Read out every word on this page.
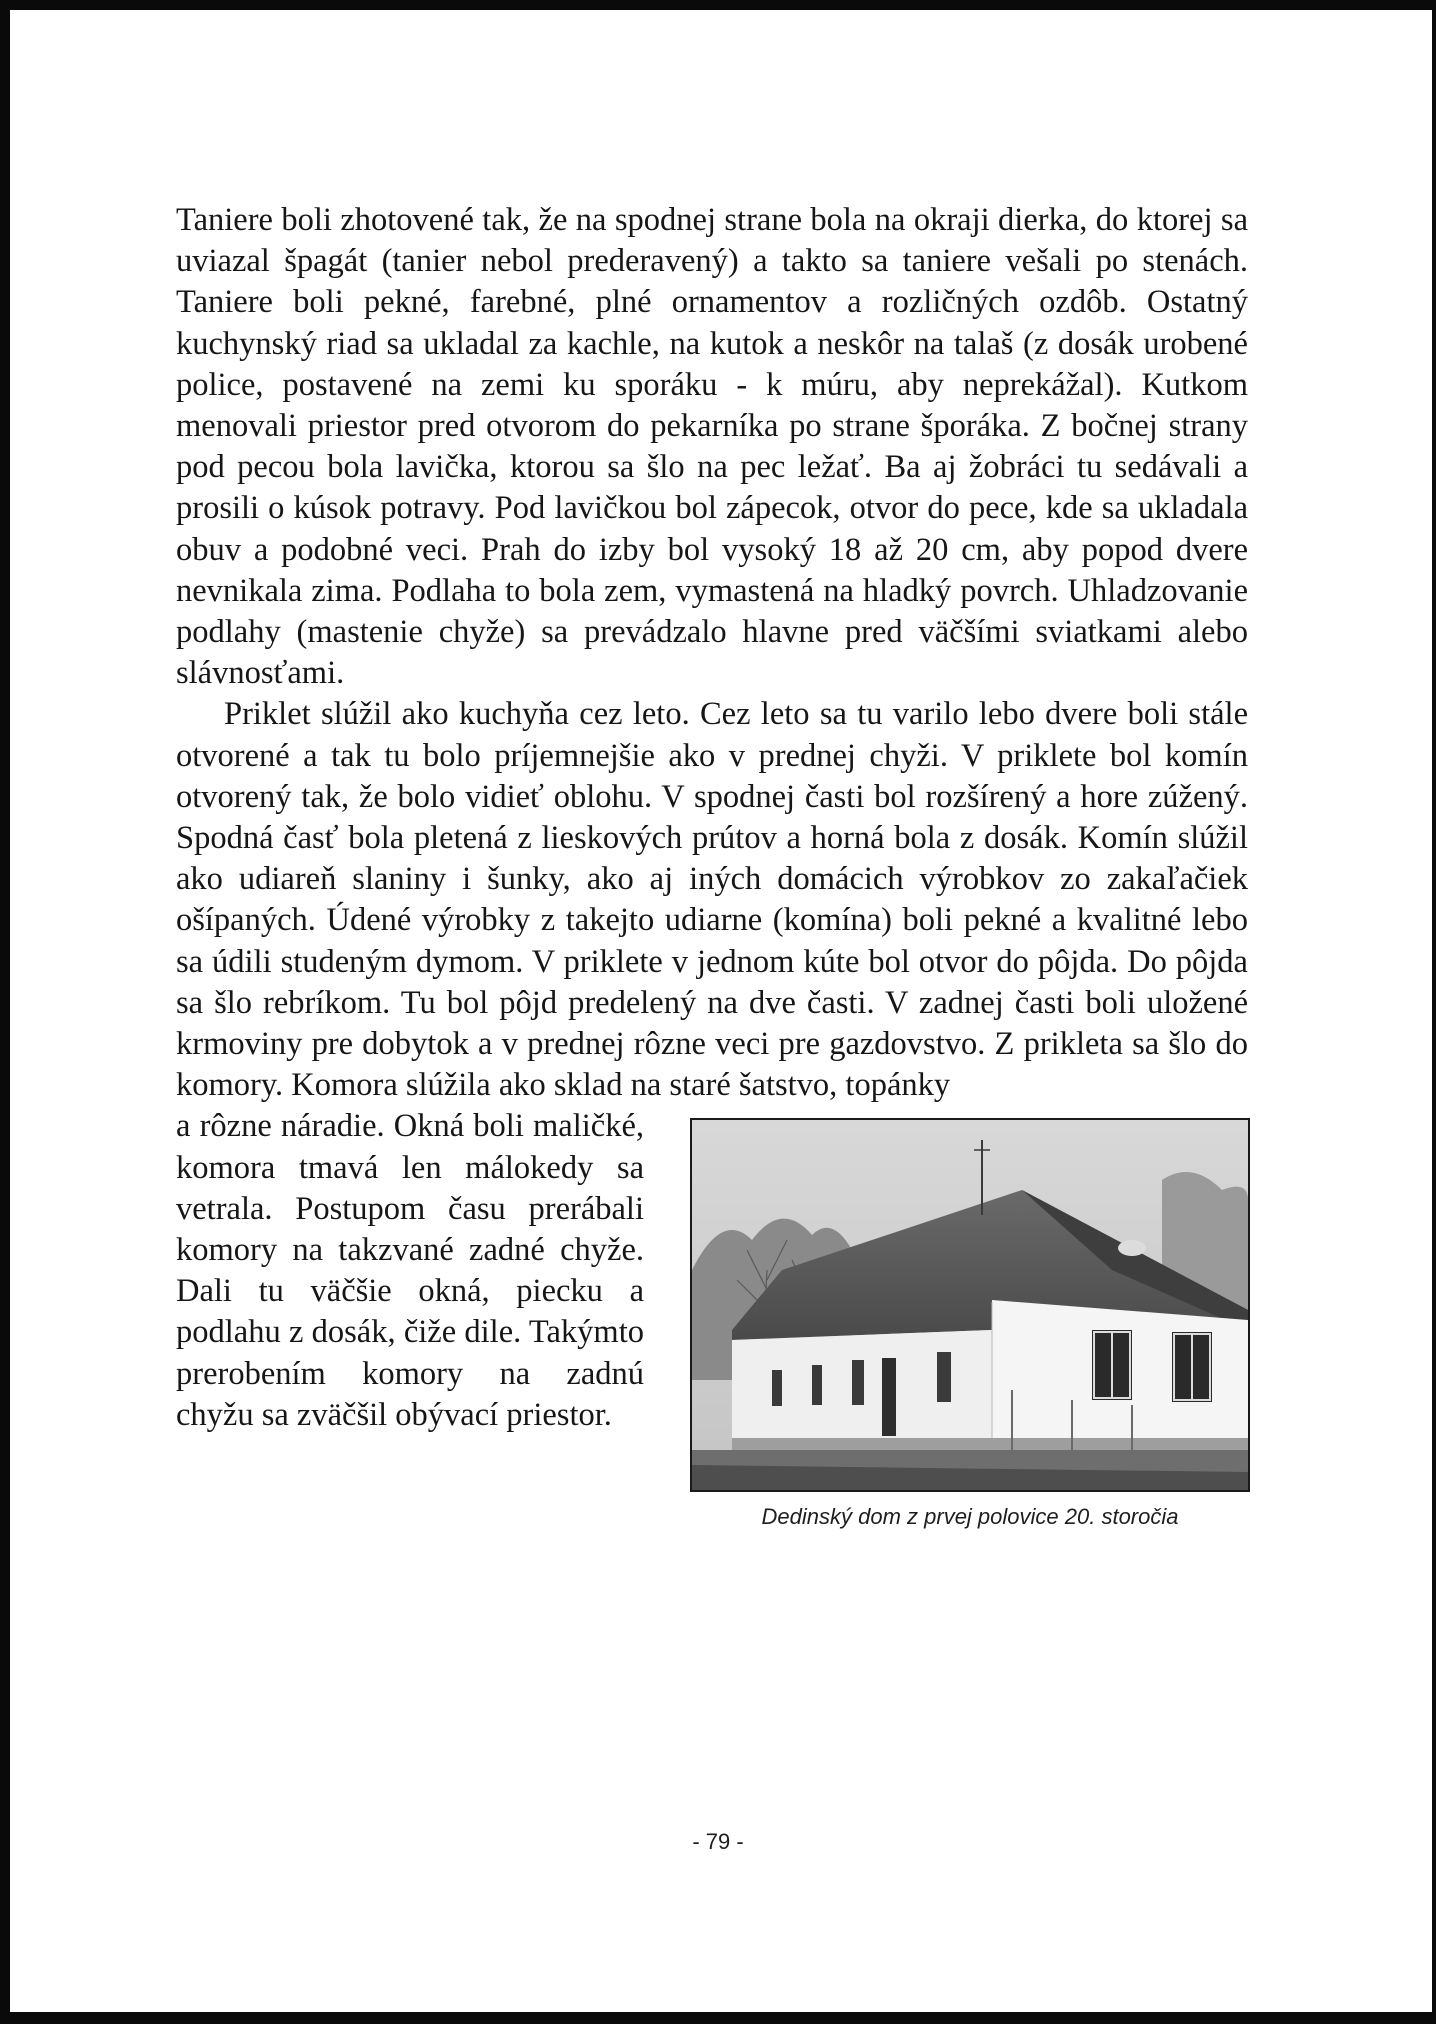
Taniere boli zhotovené tak, že na spodnej strane bola na okraji dierka, do ktorej sa uviazal špagát (tanier nebol prederavený) a takto sa taniere vešali po stenách. Taniere boli pekné, farebné, plné ornamentov a rozličných ozdôb. Ostatný kuchynský riad sa ukladal za kachle, na kutok a neskôr na talaš (z dosák urobené police, postavené na zemi ku sporáku - k múru, aby neprekážal). Kutkom menovali priestor pred otvorom do pekarníka po strane šporáka. Z bočnej strany pod pecou bola lavička, ktorou sa šlo na pec ležať. Ba aj žobráci tu sedávali a prosili o kúsok potravy. Pod lavičkou bol zápecok, otvor do pece, kde sa ukladala obuv a podobné veci. Prah do izby bol vysoký 18 až 20 cm, aby popod dvere nevnikala zima. Podlaha to bola zem, vymastená na hladký povrch. Uhladzovanie podlahy (mastenie chyže) sa prevádzalo hlavne pred väčšími sviatkami alebo slávnosťami.

Priklet slúžil ako kuchyňa cez leto. Cez leto sa tu varilo lebo dvere boli stále otvorené a tak tu bolo príjemnejšie ako v prednej chyži. V priklete bol komín otvorený tak, že bolo vidieť oblohu. V spodnej časti bol rozšírený a hore zúžený. Spodná časť bola pletená z lieskových prútov a horná bola z dosák. Komín slúžil ako udiareň slaniny i šunky, ako aj iných domácich výrobkov zo zakaľačiek ošípaných. Údené výrobky z takejto udiarne (komína) boli pekné a kvalitné lebo sa údili studeným dymom. V priklete v jednom kúte bol otvor do pôjda. Do pôjda sa šlo rebríkom. Tu bol pôjd predelený na dve časti. V zadnej časti boli uložené krmoviny pre dobytok a v prednej rôzne veci pre gazdovstvo. Z prikleta sa šlo do komory. Komora slúžila ako sklad na staré šatstvo, topánky

a rôzne náradie. Okná boli maličké, komora tmavá len málokedy sa vetrala. Postupom času prerábali komory na takzvané zadné chyže. Dali tu väčšie okná, piecku a podlahu z dosák, čiže dile. Takýmto prerobením komory na zadnú chyžu sa zväčšil obývací priestor.

Dedinský dom z prvej polovice 20. storočia
- 79 -
